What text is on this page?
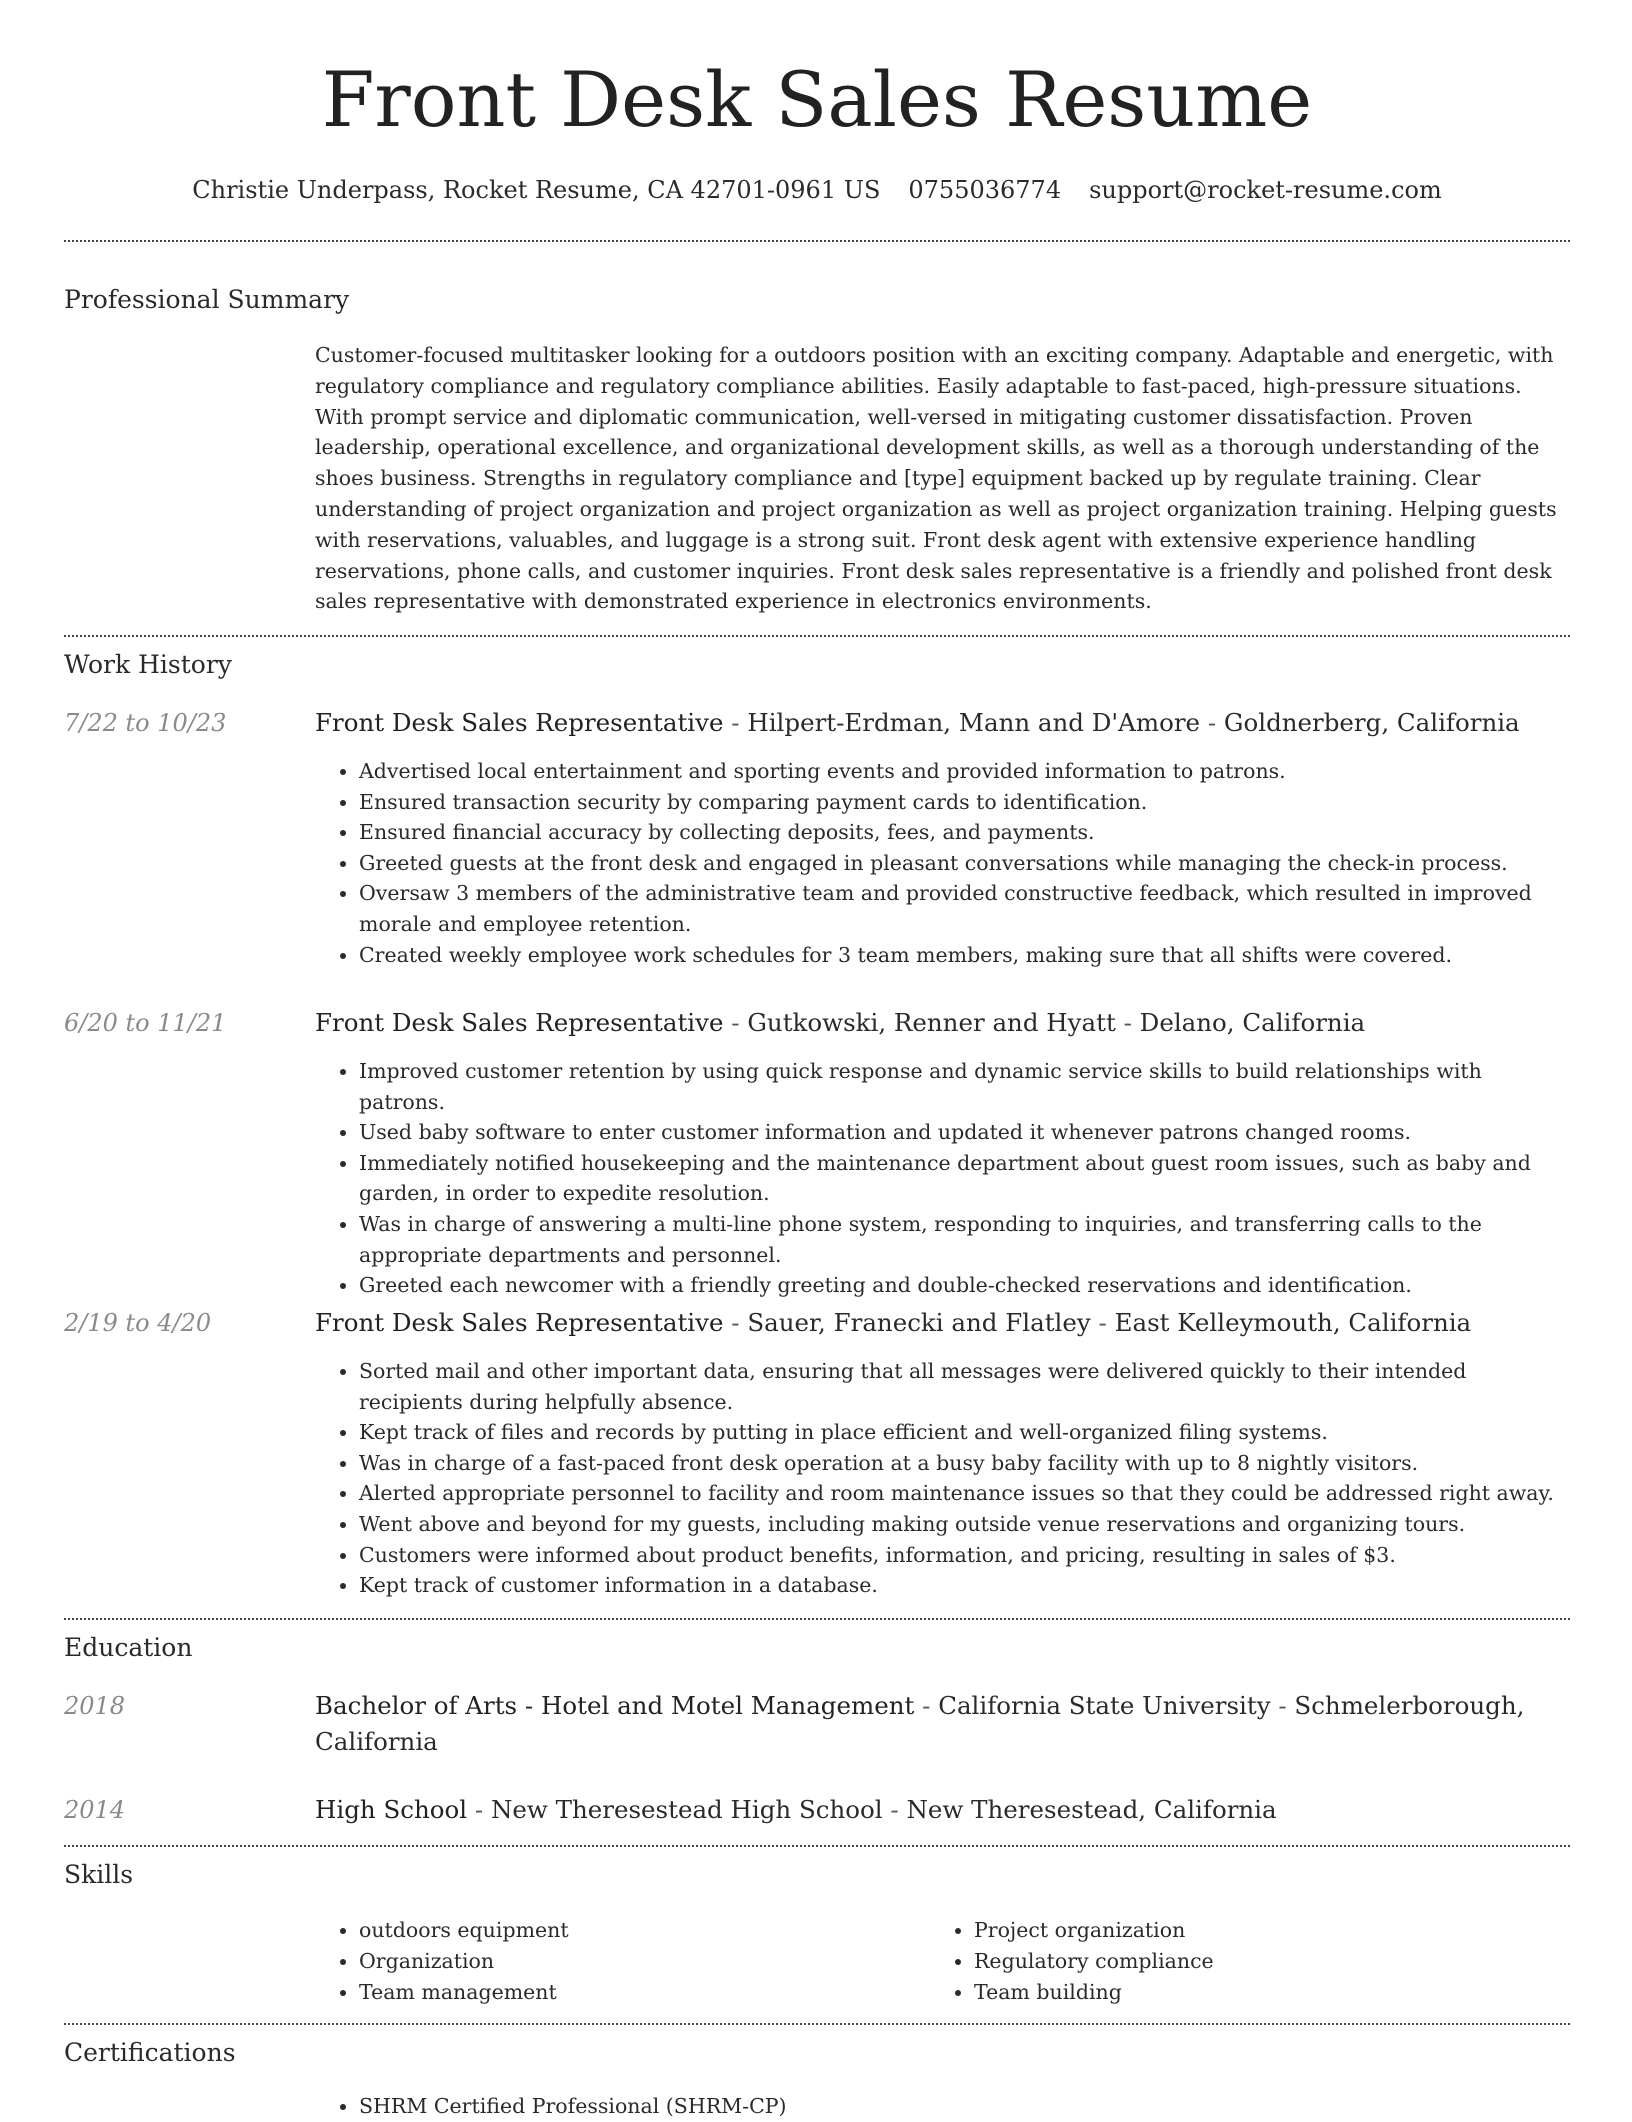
Front Desk Sales Resume
Christie Underpass, Rocket Resume, CA 42701-0961 US 0755036774 support@rocket-resume.com
Professional Summary
Customer-focused multitasker looking for a outdoors position with an exciting company. Adaptable and energetic, with regulatory compliance and regulatory compliance abilities. Easily adaptable to fast-paced, high-pressure situations. With prompt service and diplomatic communication, well-versed in mitigating customer dissatisfaction. Proven leadership, operational excellence, and organizational development skills, as well as a thorough understanding of the shoes business. Strengths in regulatory compliance and [type] equipment backed up by regulate training. Clear understanding of project organization and project organization as well as project organization training. Helping guests with reservations, valuables, and luggage is a strong suit. Front desk agent with extensive experience handling reservations, phone calls, and customer inquiries. Front desk sales representative is a friendly and polished front desk sales representative with demonstrated experience in electronics environments.
Work History
7/22 to 10/23	Front Desk Sales Representative - Hilpert-Erdman, Mann and D'Amore - Goldnerberg, California
• Advertised local entertainment and sporting events and provided information to patrons.
• Ensured transaction security by comparing payment cards to identification.
• Ensured financial accuracy by collecting deposits, fees, and payments.
• Greeted guests at the front desk and engaged in pleasant conversations while managing the check-in process.
• Oversaw 3 members of the administrative team and provided constructive feedback, which resulted in improved morale and employee retention.
• Created weekly employee work schedules for 3 team members, making sure that all shifts were covered.
6/20 to 11/21	Front Desk Sales Representative - Gutkowski, Renner and Hyatt - Delano, California
• Improved customer retention by using quick response and dynamic service skills to build relationships with patrons.
• Used baby software to enter customer information and updated it whenever patrons changed rooms.
• Immediately notified housekeeping and the maintenance department about guest room issues, such as baby and garden, in order to expedite resolution.
• Was in charge of answering a multi-line phone system, responding to inquiries, and transferring calls to the appropriate departments and personnel.
• Greeted each newcomer with a friendly greeting and double-checked reservations and identification.
2/19 to 4/20	Front Desk Sales Representative - Sauer, Franecki and Flatley - East Kelleymouth, California
• Sorted mail and other important data, ensuring that all messages were delivered quickly to their intended recipients during helpfully absence.
• Kept track of files and records by putting in place efficient and well-organized filing systems.
• Was in charge of a fast-paced front desk operation at a busy baby facility with up to 8 nightly visitors.
• Alerted appropriate personnel to facility and room maintenance issues so that they could be addressed right away.
• Went above and beyond for my guests, including making outside venue reservations and organizing tours.
• Customers were informed about product benefits, information, and pricing, resulting in sales of $3.
• Kept track of customer information in a database.
Education
2018	Bachelor of Arts - Hotel and Motel Management - California State University - Schmelerborough, California
2014	High School - New Theresestead High School - New Theresestead, California
Skills
• outdoors equipment
• Organization
• Team management
• Project organization
• Regulatory compliance
• Team building
Certifications
• SHRM Certified Professional (SHRM-CP)
